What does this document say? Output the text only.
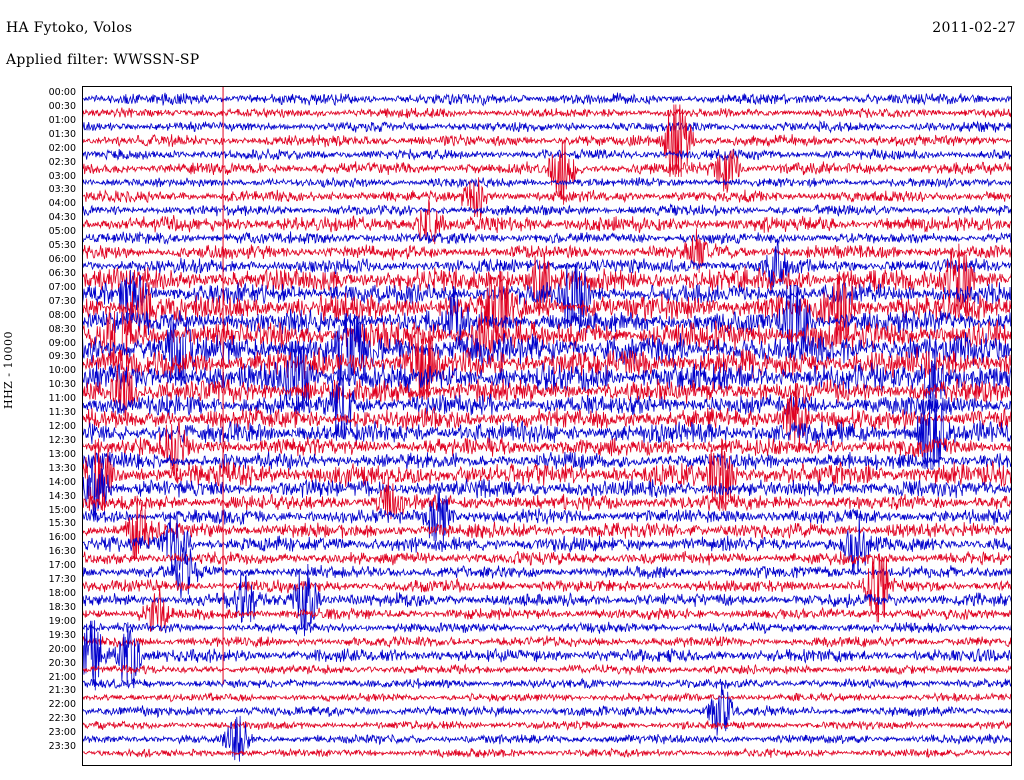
HA Fytoko, Volos	2011-02-27
Applied filter: WWSSN-SP
HHZ - 10000
00:00
00:30
01:00
01:30
02:00
02:30
03:00
03:30
04:00
04:30
05:00
05:30
06:00
06:30
07:00
07:30
08:00
08:30
09:00
09:30
10:00
10:30
11:00
11:30
12:00
12:30
13:00
13:30
14:00
14:30
15:00
15:30
16:00
16:30
17:00
17:30
18:00
18:30
19:00
19:30
20:00
20:30
21:00
21:30
22:00
22:30
23:00
23:30
